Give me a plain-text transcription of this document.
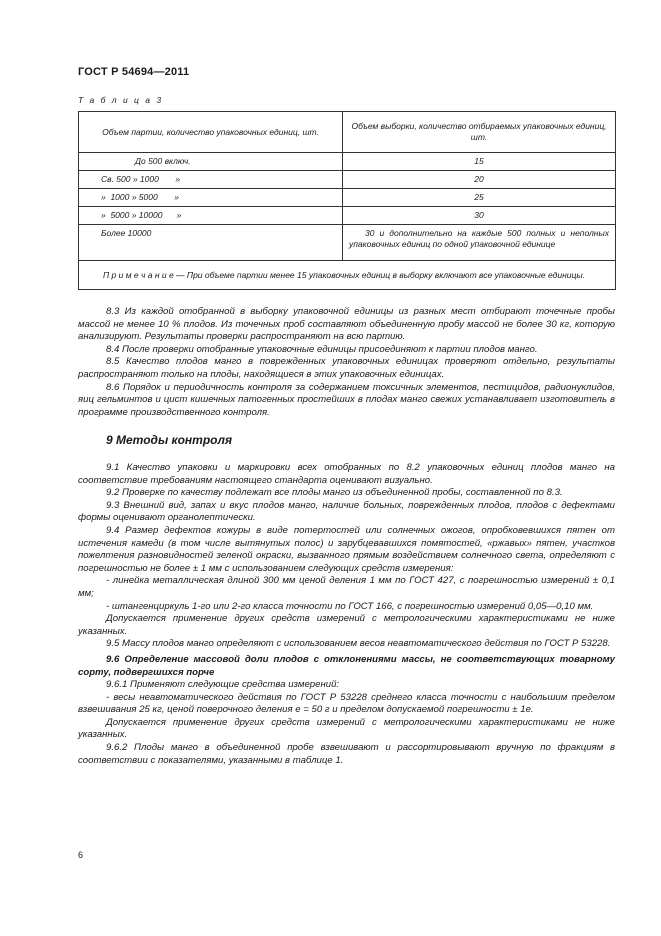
ГОСТ Р 54694—2011
Т а б л и ц а 3
Объем партии, количество упаковочных единиц, шт.	Объем выборки, количество отбираемых упаковочных единиц, шт.
До 500 включ.	15
Св. 500 » 1000       »	20
»  1000 » 5000       »	25
»  5000 » 10000      »	30
Более 10000	30 и дополнительно на каждые 500 полных и неполных упаковочных единиц по одной упаковочной единице
П р и м е ч а н и е — При объеме партии менее 15 упаковочных единиц в выборку включают все упаковочные единицы.	

8.3 Из каждой отобранной в выборку упаковочной единицы из разных мест отбирают точечные пробы массой не менее 10 % плодов. Из точечных проб составляют объединенную пробу массой не более 30 кг, которую анализируют. Результаты проверки распространяют на всю партию.

8.4 После проверки отобранные упаковочные единицы присоединяют к партии плодов манго.

8.5 Качество плодов манго в поврежденных упаковочных единицах проверяют отдельно, результаты распространяют только на плоды, находящиеся в этих упаковочных единицах.

8.6 Порядок и периодичность контроля за содержанием токсичных элементов, пестицидов, радионуклидов, яиц гельминтов и цист кишечных патогенных простейших в плодах манго свежих устанавливает изготовитель в программе производственного контроля.

9 Методы контроля

9.1 Качество упаковки и маркировки всех отобранных по 8.2 упаковочных единиц плодов манго на соответствие требованиям настоящего стандарта оценивают визуально.

9.2 Проверке по качеству подлежат все плоды манго из объединенной пробы, составленной по 8.3.

9.3 Внешний вид, запах и вкус плодов манго, наличие больных, поврежденных плодов, плодов с дефектами формы оценивают органолептически.

9.4 Размер дефектов кожуры в виде потертостей или солнечных ожогов, опробковевшихся пятен от истечения камеди (в том числе вытянутых полос) и зарубцевавшихся помятостей, «ржавых» пятен, участков пожелтения разновидностей зеленой окраски, вызванного прямым воздействием солнечного света, определяют с погрешностью не более ± 1 мм с использованием следующих средств измерения:

- линейка металлическая длиной 300 мм ценой деления 1 мм по ГОСТ 427, с погрешностью измерений ± 0,1 мм;

- штангенциркуль 1-го или 2-го класса точности по ГОСТ 166, с погрешностью измерений 0,05—0,10 мм.

Допускается применение других средств измерений с метрологическими характеристиками не ниже указанных.

9.5 Массу плодов манго определяют с использованием весов неавтоматического действия по ГОСТ Р 53228.

9.6 Определение массовой доли плодов с отклонениями массы, не соответствующих товарному сорту, подвергшихся порче

9.6.1 Применяют следующие средства измерений:

- весы неавтоматического действия по ГОСТ Р 53228 среднего класса точности с наибольшим пределом взвешивания 25 кг, ценой поверочного деления e = 50 г и пределом допускаемой погрешности ± 1e.

Допускается применение других средств измерений с метрологическими характеристиками не ниже указанных.

9.6.2 Плоды манго в объединенной пробе взвешивают и рассортировывают вручную по фракциям в соответствии с показателями, указанными в таблице 1.

6
